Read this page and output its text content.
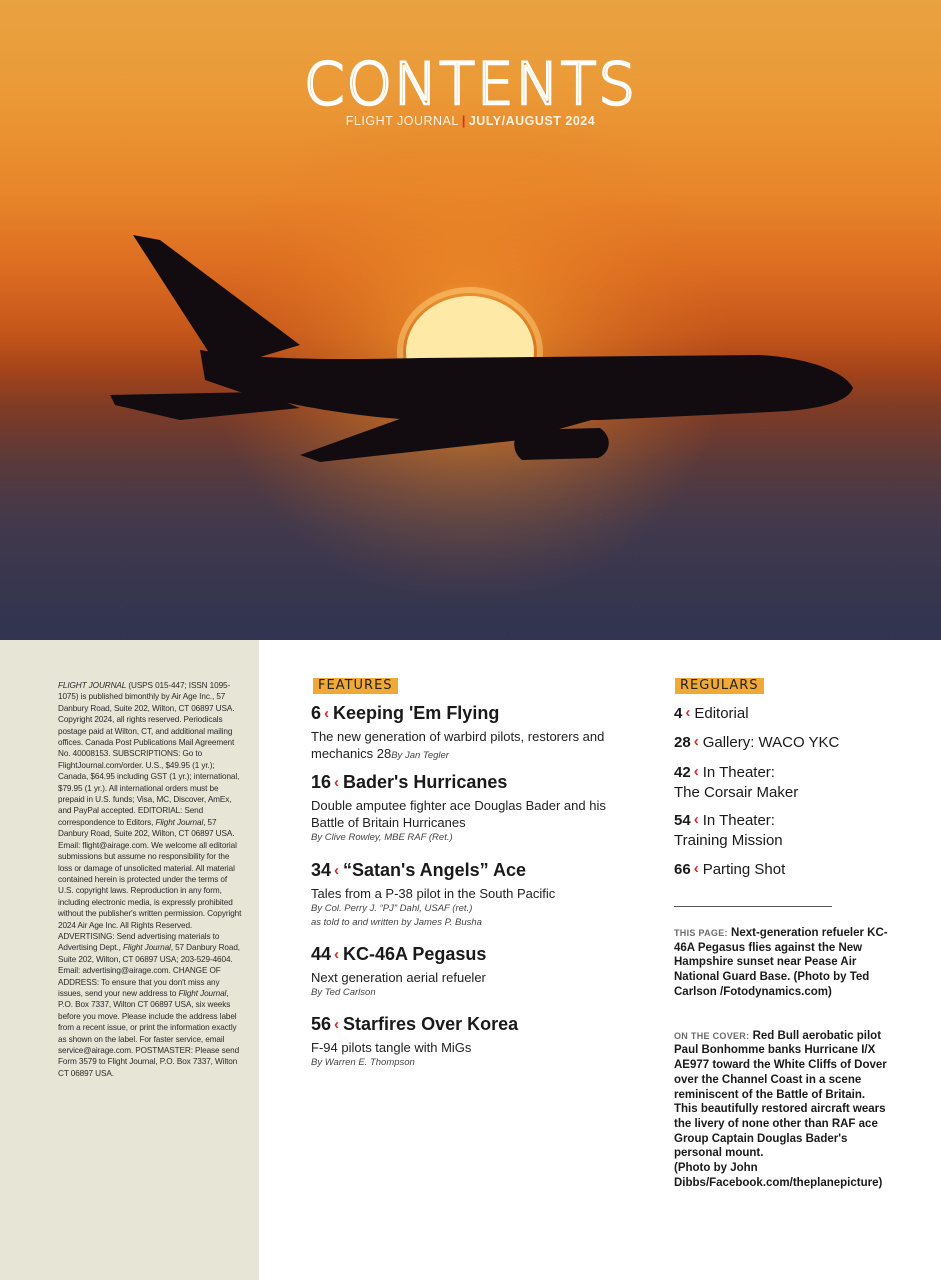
CONTENTS
FLIGHT JOURNAL | JULY/AUGUST 2024
FLIGHT JOURNAL (USPS 015-447; ISSN 1095-1075) is published bimonthly by Air Age Inc., 57 Danbury Road, Suite 202, Wilton, CT 06897 USA. Copyright 2024, all rights reserved. Periodicals postage paid at Wilton, CT, and additional mailing offices. Canada Post Publications Mail Agreement No. 40008153. SUBSCRIPTIONS: Go to FlightJournal.com/order. U.S., $49.95 (1 yr.); Canada, $64.95 including GST (1 yr.); international, $79.95 (1 yr.). All international orders must be prepaid in U.S. funds; Visa, MC, Discover, AmEx, and PayPal accepted. EDITORIAL: Send correspondence to Editors, Flight Journal, 57 Danbury Road, Suite 202, Wilton, CT 06897 USA. Email: flight@airage.com. We welcome all editorial submissions but assume no responsibility for the loss or damage of unsolicited material. All material contained herein is protected under the terms of U.S. copyright laws. Reproduction in any form, including electronic media, is expressly prohibited without the publisher's written permission. Copyright 2024 Air Age Inc. All Rights Reserved. ADVERTISING: Send advertising materials to Advertising Dept., Flight Journal, 57 Danbury Road, Suite 202, Wilton, CT 06897 USA; 203-529-4604. Email: advertising@airage.com. CHANGE OF ADDRESS: To ensure that you don't miss any issues, send your new address to Flight Journal, P.O. Box 7337, Wilton CT 06897 USA, six weeks before you move. Please include the address label from a recent issue, or print the information exactly as shown on the label. For faster service, email service@airage.com. POSTMASTER: Please send Form 3579 to Flight Journal, P.O. Box 7337, Wilton CT 06897 USA.
FEATURES
6 ‹ Keeping 'Em Flying
The new generation of warbird pilots, restorers and mechanics 28By Jan Tegler
16 ‹ Bader's Hurricanes
Double amputee fighter ace Douglas Bader and his Battle of Britain Hurricanes
By Clive Rowley, MBE RAF (Ret.)
34 ‹ “Satan's Angels” Ace
Tales from a P-38 pilot in the South Pacific
By Col. Perry J. “PJ” Dahl, USAF (ret.)
as told to and written by James P. Busha
44 ‹ KC-46A Pegasus
Next generation aerial refueler
By Ted Carlson
56 ‹ Starfires Over Korea
F-94 pilots tangle with MiGs
By Warren E. Thompson
REGULARS
4 ‹ Editorial
28 ‹ Gallery: WACO YKC
42 ‹ In Theater:
The Corsair Maker
54 ‹ In Theater:
Training Mission
66 ‹ Parting Shot
THIS PAGE: Next-generation refueler KC-46A Pegasus flies against the New Hampshire sunset near Pease Air National Guard Base. (Photo by Ted Carlson /Fotodynamics.com)

ON THE COVER: Red Bull aerobatic pilot Paul Bonhomme banks Hurricane I/X AE977 toward the White Cliffs of Dover over the Channel Coast in a scene reminiscent of the Battle of Britain. This beautifully restored aircraft wears the livery of none other than RAF ace Group Captain Douglas Bader's personal mount.
(Photo by John Dibbs/Facebook.com/theplanepicture)
